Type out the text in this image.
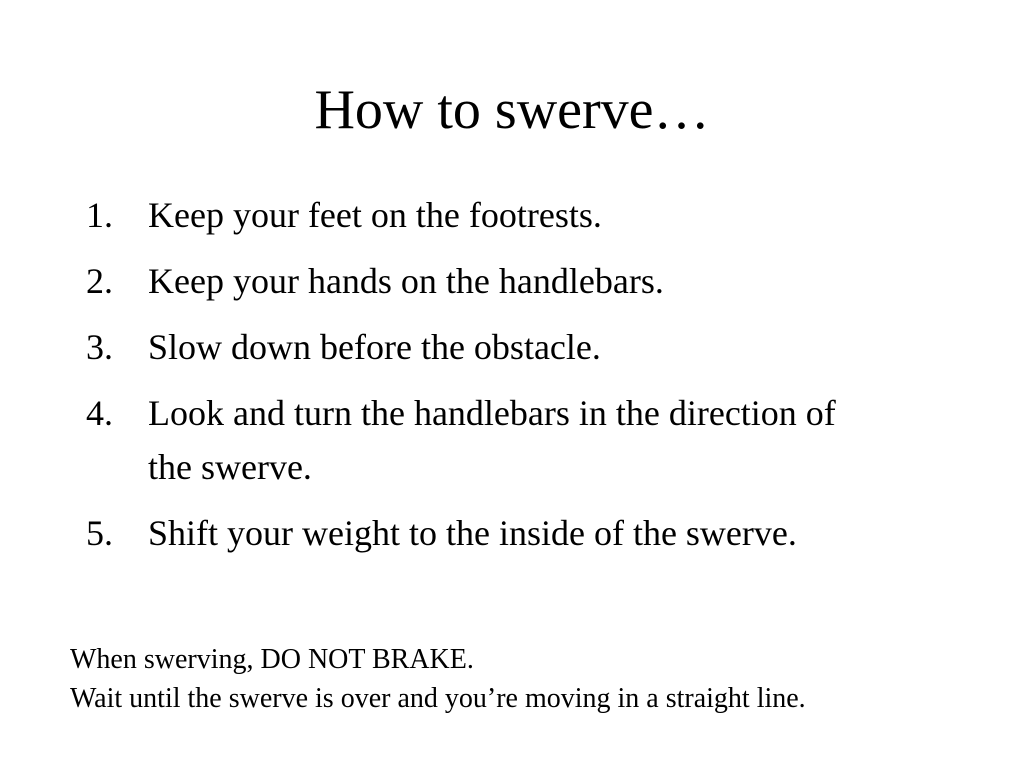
How to swerve…
1. Keep your feet on the footrests.
2. Keep your hands on the handlebars.
3. Slow down before the obstacle.
4. Look and turn the handlebars in the direction of the swerve.
5. Shift your weight to the inside of the swerve.
When swerving, DO NOT BRAKE.
Wait until the swerve is over and you’re moving in a straight line.
